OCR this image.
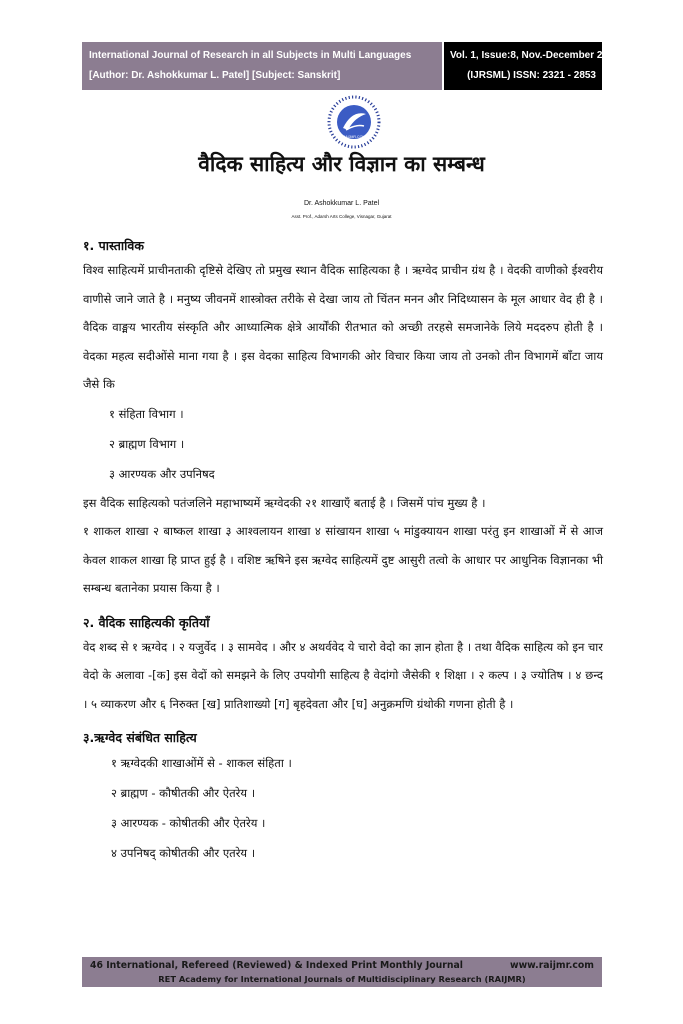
International Journal of Research in all Subjects in Multi Languages
[Author: Dr. Ashokkumar L. Patel] [Subject: Sanskrit]
Vol. 1, Issue:8, Nov.-December 2013
(IJRSML) ISSN: 2321 - 2853
RAIJMR.COM
वैदिक साहित्य और विज्ञान का सम्बन्ध
Dr. Ashokkumar L. Patel
Asst. Prof., Adarsh Arts College, Visnagar, Gujarat

१. पास्ताविक

विश्व साहित्यमें प्राचीनताकी दृष्टिसे देखिए तो प्रमुख स्थान वैदिक साहित्यका है । ऋग्वेद प्राचीन ग्रंथ है । वेदकी वाणीको ईश्वरीय वाणीसे जाने जाते है । मनुष्य जीवनमें शास्त्रोक्त तरीके से देखा जाय तो चिंतन मनन और निदिध्यासन के मूल आधार वेद ही है । वैदिक वाङ्मय भारतीय संस्कृति और आध्यात्मिक क्षेत्रे आर्योंकी रीतभात को अच्छी तरहसे समजानेके लिये मददरुप होती है । वेदका महत्व सदीओंसे माना गया है । इस वेदका साहित्य विभागकी ओर विचार किया जाय तो उनको तीन विभागमें बाँटा जाय जैसे कि

१ संहिता विभाग ।

२ ब्राह्मण विभाग ।

३ आरण्यक और उपनिषद

इस वैदिक साहित्यको पतंजलिने महाभाष्यमें ऋग्वेदकी २१ शाखाएँ बताई है । जिसमें पांच मुख्य है ।

१ शाकल शाखा २ बाष्कल शाखा ३ आश्वलायन शाखा ४ सांखायन शाखा ५ मांडुक्यायन शाखा परंतु इन शाखाओं में से आज केवल शाकल शाखा हि प्राप्त हुई है । वशिष्ट ऋषिने इस ऋग्वेद साहित्यमें दुष्ट आसुरी तत्वो के आधार पर आधुनिक विज्ञानका भी सम्बन्ध बतानेका प्रयास किया है ।

२. वैदिक साहित्यकी कृतियाँ

वेद शब्द से १ ऋग्वेद । २ यजुर्वेद । ३ सामवेद । और ४ अथर्ववेद ये चारो वेदो का ज्ञान होता है । तथा वैदिक साहित्य को इन चार वेदो के अलावा -[क] इस वेदों को समझने के लिए उपयोगी साहित्य है वेदांगो जैसेकी १ शिक्षा । २ कल्प । ३ ज्योतिष । ४ छन्द । ५ व्याकरण और ६ निरुक्त [ख] प्रातिशाख्यो [ग] बृहदेवता और [घ] अनुक्रमणि ग्रंथोकी गणना होती है ।

३.ऋग्वेद संबंधित साहित्य

१ ऋग्वेदकी शाखाओंमें से - शाकल संहिता ।

२ ब्राह्मण - कौषीतकी और ऐतरेय ।

३ आरण्यक - कोषीतकी और ऐतरेय ।

४ उपनिषद् कोषीतकी और एतरेय ।

46 International, Refereed (Reviewed) & Indexed Print Monthly Journal	www.raijmr.com
RET Academy for International Journals of Multidisciplinary Research (RAIJMR)
